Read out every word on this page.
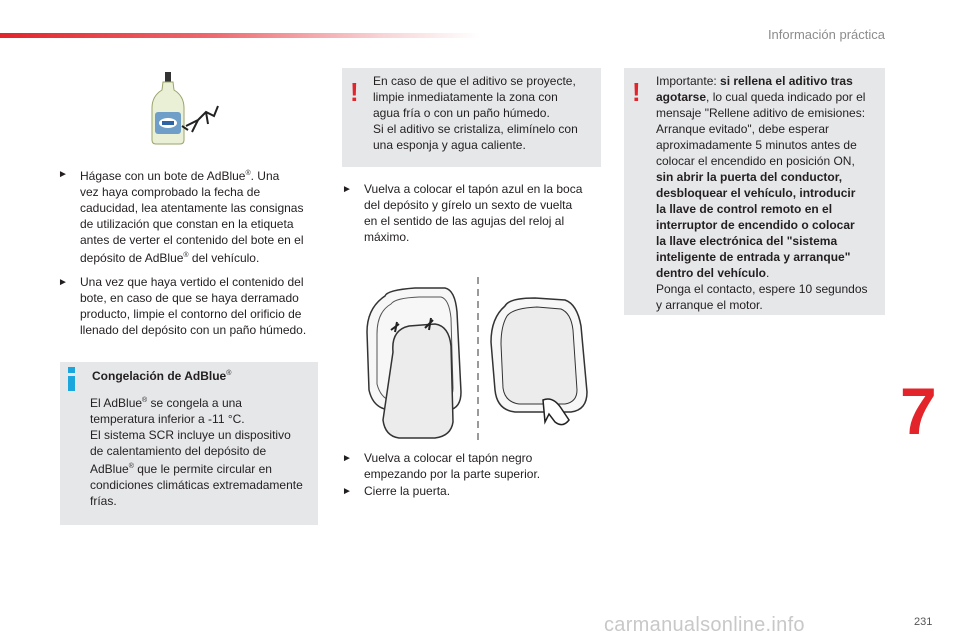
Información práctica
► Hágase con un bote de AdBlue®. Una
vez haya comprobado la fecha de
caducidad, lea atentamente las consignas
de utilización que constan en la etiqueta
antes de verter el contenido del bote en el
depósito de AdBlue® del vehículo.
► Una vez que haya vertido el contenido del
bote, en caso de que se haya derramado
producto, limpie el contorno del orificio de
llenado del depósito con un paño húmedo.
Congelación de AdBlue®
El AdBlue® se congela a una
temperatura inferior a -11 °C.
El sistema SCR incluye un dispositivo
de calentamiento del depósito de
AdBlue® que le permite circular en
condiciones climáticas extremadamente
frías.
! En caso de que el aditivo se proyecte,
limpie inmediatamente la zona con
agua fría o con un paño húmedo.
Si el aditivo se cristaliza, elimínelo con
una esponja y agua caliente.
► Vuelva a colocar el tapón azul en la boca
del depósito y gírelo un sexto de vuelta
en el sentido de las agujas del reloj al
máximo.
► Vuelva a colocar el tapón negro
empezando por la parte superior.
► Cierre la puerta.
! Importante: si rellena el aditivo tras
agotarse, lo cual queda indicado por el
mensaje "Rellene aditivo de emisiones:
Arranque evitado", debe esperar
aproximadamente 5 minutos antes de
colocar el encendido en posición ON,
sin abrir la puerta del conductor,
desbloquear el vehículo, introducir
la llave de control remoto en el
interruptor de encendido o colocar
la llave electrónica del "sistema
inteligente de entrada y arranque"
dentro del vehículo.
Ponga el contacto, espere 10 segundos
y arranque el motor.
7
carmanualsonline.info	231
